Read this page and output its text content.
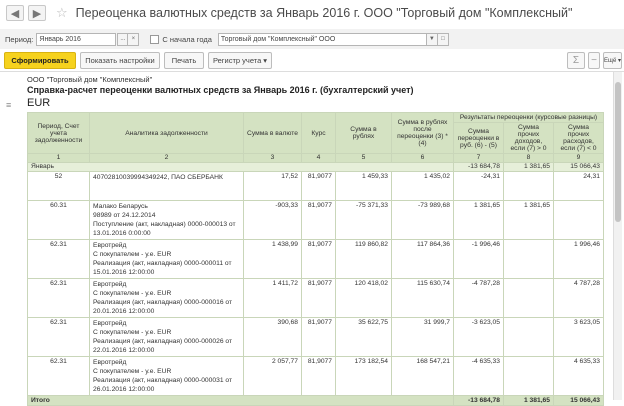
◀	▶	☆ Переоценка валютных средств за Январь 2016 г. ООО "Торговый дом "Комплексный"
Период: Январь 2016	...	×	С начала года	Торговый дом "Комплексный" ООО	▼	□
Сформировать	Показать настройки	Печать	Регистр учета ▾	Σ	−	Ещё ▾
ООО "Торговый дом "Комплексный"
Справка-расчет переоценки валютных средств за Январь 2016 г. (бухгалтерский учет)
≡ EUR
Период, Счет учета задолженности	Аналитика задолженности	Сумма в валюте	Курс	Сумма в рублях	Сумма в рублях после переоценки (3) * (4)	Результаты переоценки (курсовые разницы)		
						Сумма переоценки в руб. (6) - (5)	Сумма прочих доходов, если (7) > 0	Сумма прочих расходов, если (7) < 0
1	2	3	4	5	6	7	8	9
Январь						-13 684,78	1 381,65	15 066,43
52	40702810039994349242, ПАО СБЕРБАНК	17,52	81,9077	1 459,33	1 435,02	-24,31		24,31
60.31	Малако Беларусь
98989 от 24.12.2014
Поступление (акт, накладная) 0000-000013 от 13.01.2016 0:00:00	-903,33	81,9077	-75 371,33	-73 989,68	1 381,65	1 381,65	
62.31	Евротрейд
С покупателем - у.е. EUR
Реализация (акт, накладная) 0000-000011 от 15.01.2016 12:00:00	1 438,99	81,9077	119 860,82	117 864,36	-1 996,46		1 996,46
62.31	Евротрейд
С покупателем - у.е. EUR
Реализация (акт, накладная) 0000-000016 от 20.01.2016 12:00:00	1 411,72	81,9077	120 418,02	115 630,74	-4 787,28		4 787,28
62.31	Евротрейд
С покупателем - у.е. EUR
Реализация (акт, накладная) 0000-000026 от 22.01.2016 12:00:00	390,68	81,9077	35 622,75	31 999,7	-3 623,05		3 623,05
62.31	Евротрейд
С покупателем - у.е. EUR
Реализация (акт, накладная) 0000-000031 от 26.01.2016 12:00:00	2 057,77	81,9077	173 182,54	168 547,21	-4 635,33		4 635,33
Итого						-13 684,78	1 381,65	15 066,43
